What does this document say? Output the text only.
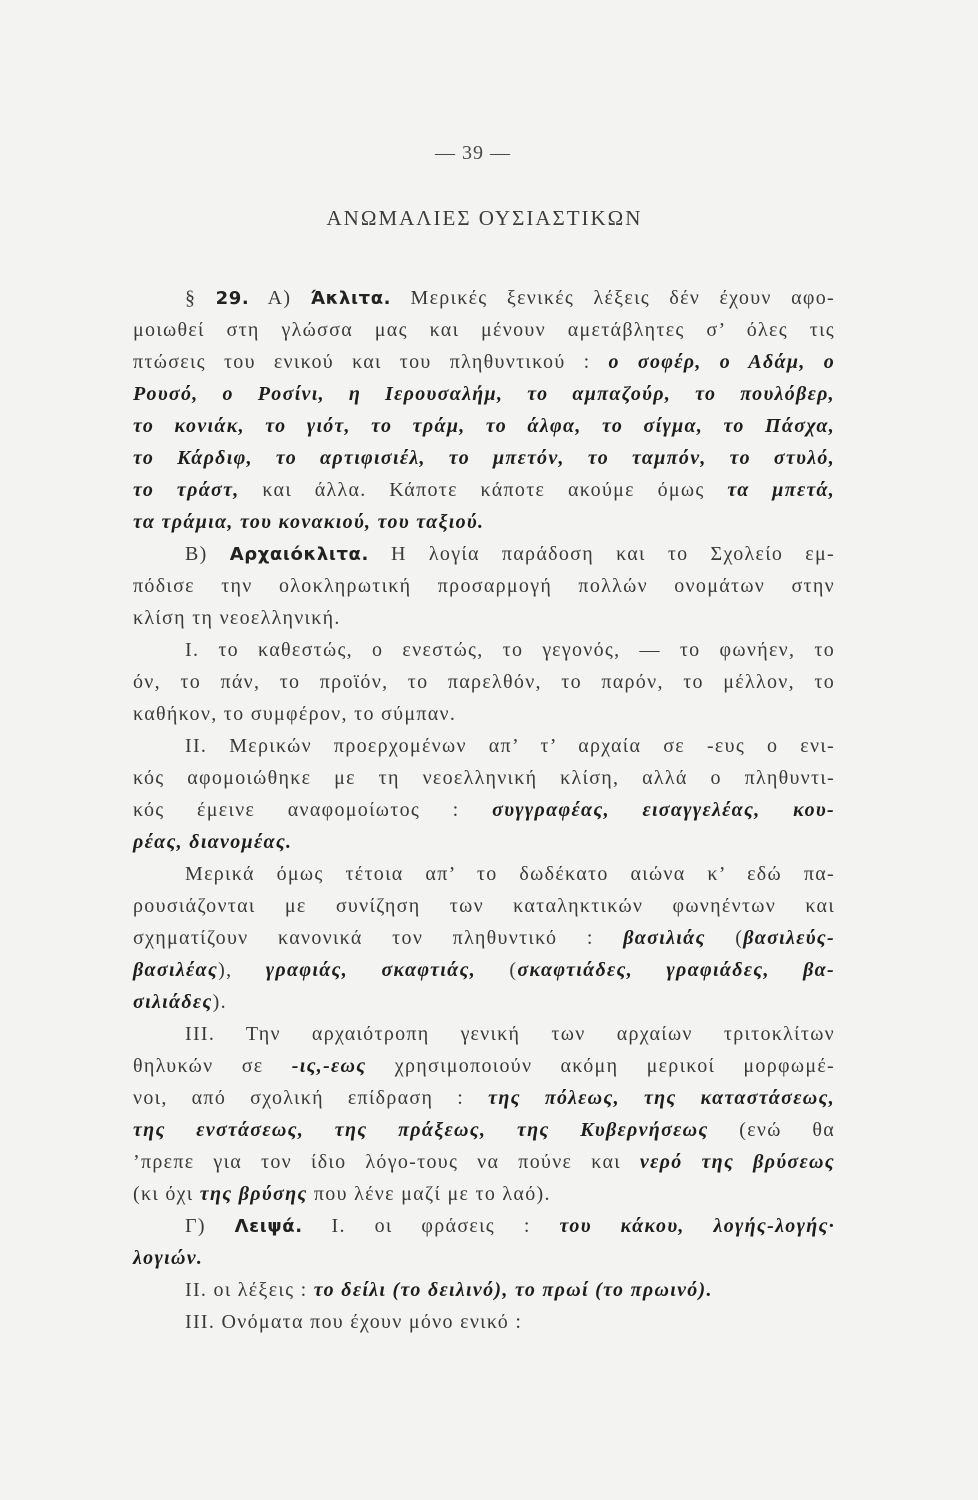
— 39 —
ΑΝΩΜΑΛΙΕΣ ΟΥΣΙΑΣΤΙΚΩΝ
§ 29. Α) Άκλιτα. Μερικές ξενικές λέξεις δέν έχουν αφο-
μοιωθεί στη γλώσσα μας και μένουν αμετάβλητες σ’ όλες τις
πτώσεις του ενικού και του πληθυντικού : ο σοφέρ, ο Αδάμ, ο
Ρουσό, ο Ροσίνι, η Ιερουσαλήμ, το αμπαζούρ, το πουλόβερ,
το κονιάκ, το γιότ, το τράμ, το άλφα, το σίγμα, το Πάσχα,
το Κάρδιφ, το αρτιφισιέλ, το μπετόν, το ταμπόν, το στυλό,
το τράστ, και άλλα. Κάποτε κάποτε ακούμε όμως τα μπετά,
τα τράμια, του κονακιού, του ταξιού.
Β) Αρχαιόκλιτα. Η λογία παράδοση και το Σχολείο εμ-
πόδισε την ολοκληρωτική προσαρμογή πολλών ονομάτων στην
κλίση τη νεοελληνική.
Ι. το καθεστώς, ο ενεστώς, το γεγονός, — το φωνήεν, το
όν, το πάν, το προϊόν, το παρελθόν, το παρόν, το μέλλον, το
καθήκον, το συμφέρον, το σύμπαν.
ΙΙ. Μερικών προερχομένων απ’ τ’ αρχαία σε -ευς ο ενι-
κός αφομοιώθηκε με τη νεοελληνική κλίση, αλλά ο πληθυντι-
κός έμεινε αναφομοίωτος : συγγραφέας, εισαγγελέας, κου-
ρέας, διανομέας.
Μερικά όμως τέτοια απ’ το δωδέκατο αιώνα κ’ εδώ πα-
ρουσιάζονται με συνίζηση των καταληκτικών φωνηέντων και
σχηματίζουν κανονικά τον πληθυντικό : βασιλιάς (βασιλεύς-
βασιλέας), γραφιάς, σκαφτιάς, (σκαφτιάδες, γραφιάδες, βα-
σιλιάδες).
ΙΙΙ. Την αρχαιότροπη γενική των αρχαίων τριτοκλίτων
θηλυκών σε -ις,-εως χρησιμοποιούν ακόμη μερικοί μορφωμέ-
νοι, από σχολική επίδραση : της πόλεως, της καταστάσεως,
της ενστάσεως, της πράξεως, της Κυβερνήσεως (ενώ θα
’πρεπε για τον ίδιο λόγο-τους να πούνε και νερό της βρύσεως
(κι όχι της βρύσης που λένε μαζί με το λαό).
Γ) Λειψά. Ι. οι φράσεις : του κάκου, λογής-λογής·
λογιών.
ΙΙ. οι λέξεις : το δείλι (το δειλινό), το πρωί (το πρωινό).
ΙΙΙ. Ονόματα που έχουν μόνο ενικό :
